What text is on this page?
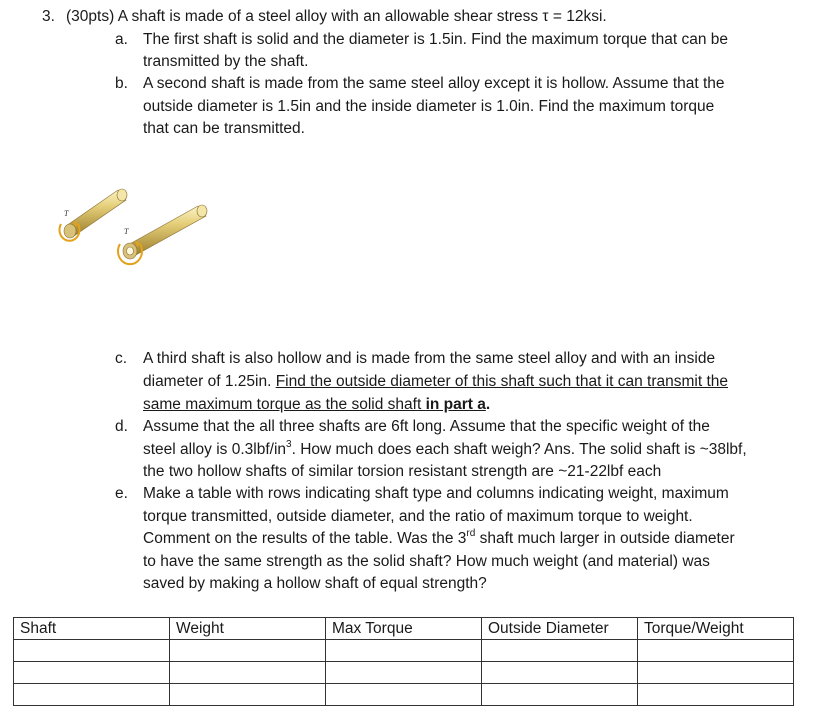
3. (30pts) A shaft is made of a steel alloy with an allowable shear stress τ = 12ksi.
a. The first shaft is solid and the diameter is 1.5in. Find the maximum torque that can be
transmitted by the shaft.
b. A second shaft is made from the same steel alloy except it is hollow. Assume that the
outside diameter is 1.5in and the inside diameter is 1.0in. Find the maximum torque
that can be transmitted.
T
T
c. A third shaft is also hollow and is made from the same steel alloy and with an inside
diameter of 1.25in. Find the outside diameter of this shaft such that it can transmit the
same maximum torque as the solid shaft in part a.
d. Assume that the all three shafts are 6ft long. Assume that the specific weight of the
steel alloy is $0.3lbf/in^3$. How much does each shaft weigh? Ans. The solid shaft is ~38lbf,
the two hollow shafts of similar torsion resistant strength are ~21-22lbf each
e. Make a table with rows indicating shaft type and columns indicating weight, maximum
torque transmitted, outside diameter, and the ratio of maximum torque to weight.
Comment on the results of the table. Was the 3rd shaft much larger in outside diameter
to have the same strength as the solid shaft? How much weight (and material) was
saved by making a hollow shaft of equal strength?
Shaft	Weight	Max Torque	Outside Diameter	Torque/Weight
